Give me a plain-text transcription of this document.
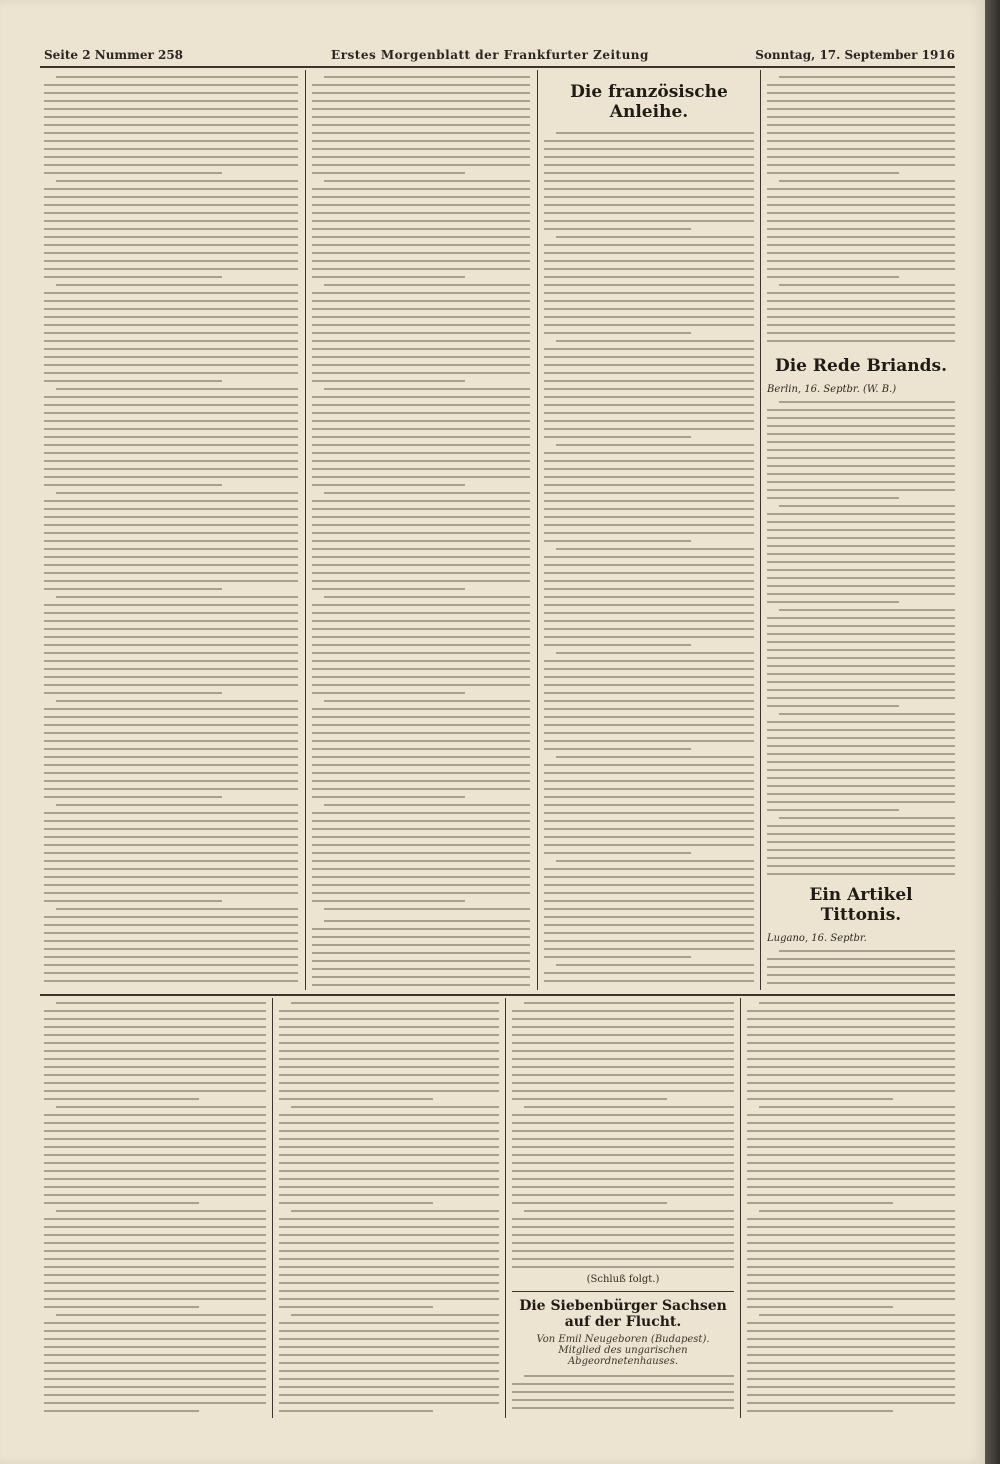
Seite 2 Nummer 258	Erstes Morgenblatt der Frankfurter Zeitung	Sonntag, 17. September 1916
Die französische Anleihe.
Die Rede Briands.
Berlin, 16. Septbr. (W. B.)
Ein Artikel Tittonis.
Lugano, 16. Septbr.
(Schluß folgt.)
Die Siebenbürger Sachsen auf der Flucht.
Von Emil Neugeboren (Budapest).
Mitglied des ungarischen Abgeordnetenhauses.
